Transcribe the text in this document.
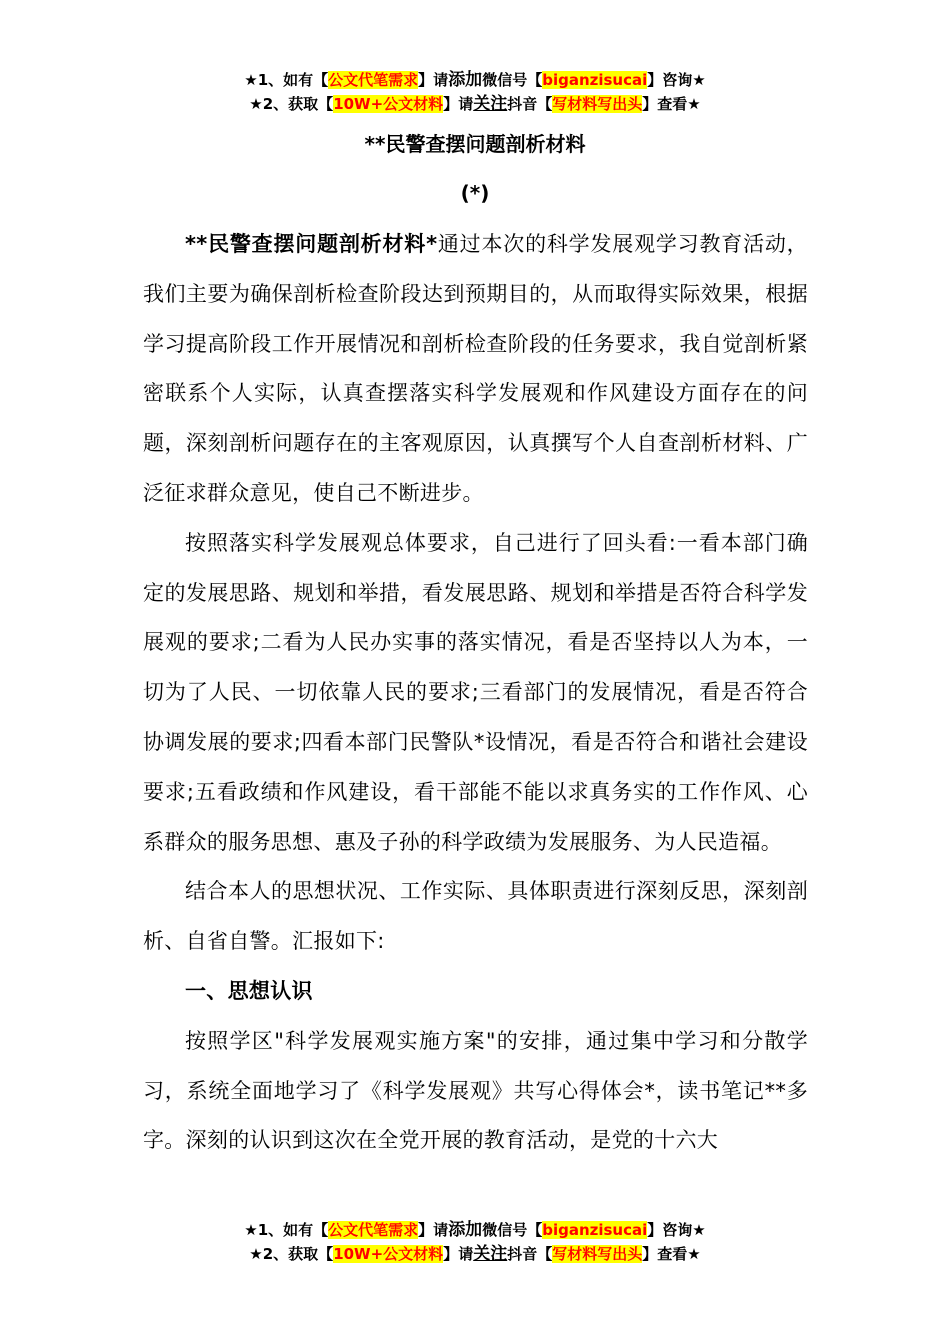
★1、如有【公文代笔需求】请添加微信号【biganzisucai】咨询★
★2、获取【10W+公文材料】请关注抖音【写材料写出头】查看★
**民警查摆问题剖析材料
(*)

**民警查摆问题剖析材料*通过本次的科学发展观学习教育活动，我们主要为确保剖析检查阶段达到预期目的，从而取得实际效果，根据学习提高阶段工作开展情况和剖析检查阶段的任务要求，我自觉剖析紧密联系个人实际，认真查摆落实科学发展观和作风建设方面存在的问题，深刻剖析问题存在的主客观原因，认真撰写个人自查剖析材料、广泛征求群众意见，使自己不断进步。

按照落实科学发展观总体要求，自己进行了回头看:一看本部门确定的发展思路、规划和举措，看发展思路、规划和举措是否符合科学发展观的要求;二看为人民办实事的落实情况，看是否坚持以人为本，一切为了人民、一切依靠人民的要求;三看部门的发展情况，看是否符合协调发展的要求;四看本部门民警队*设情况，看是否符合和谐社会建设要求;五看政绩和作风建设，看干部能不能以求真务实的工作作风、心系群众的服务思想、惠及子孙的科学政绩为发展服务、为人民造福。

结合本人的思想状况、工作实际、具体职责进行深刻反思，深刻剖析、自省自警。汇报如下:

一、思想认识

按照学区"科学发展观实施方案"的安排，通过集中学习和分散学习，系统全面地学习了《科学发展观》共写心得体会*，读书笔记**多字。深刻的认识到这次在全党开展的教育活动，是党的十六大

★1、如有【公文代笔需求】请添加微信号【biganzisucai】咨询★
★2、获取【10W+公文材料】请关注抖音【写材料写出头】查看★
